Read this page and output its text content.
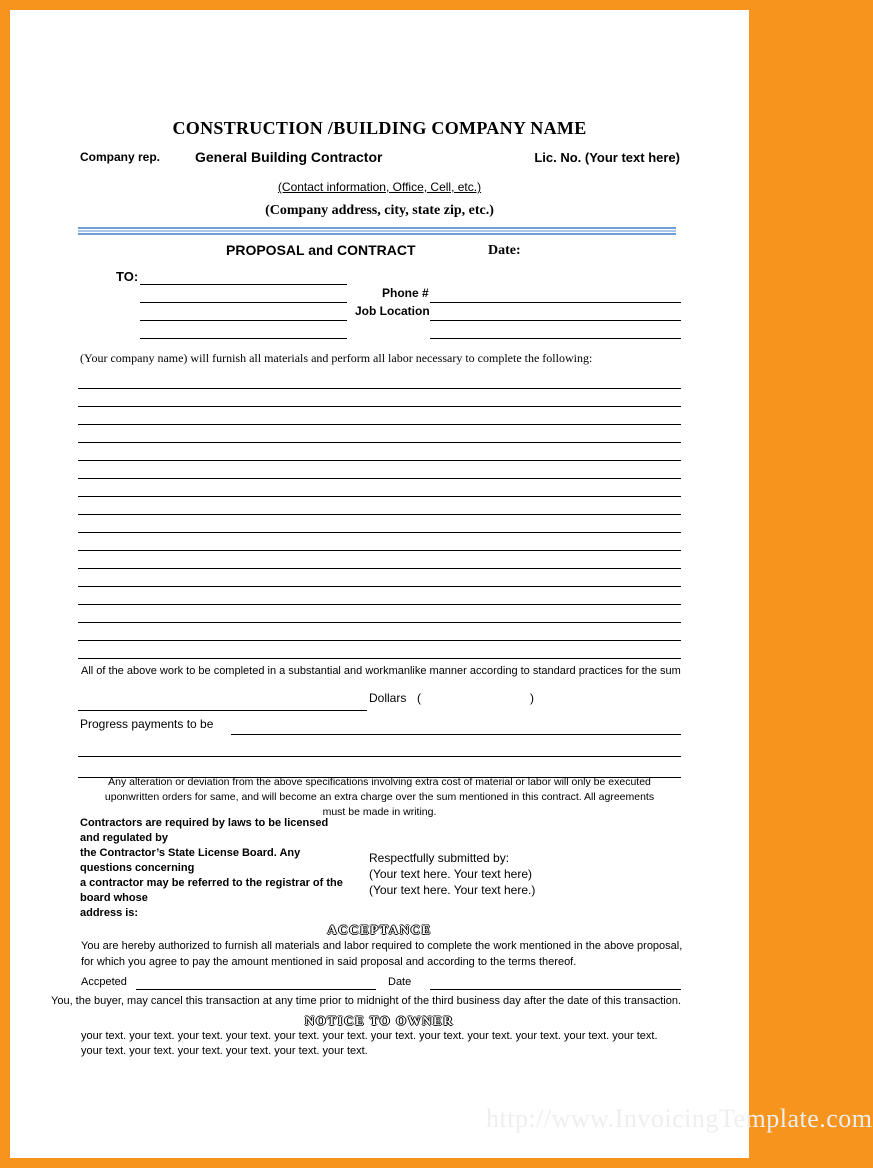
CONSTRUCTION /BUILDING COMPANY NAME
Company rep. General Building Contractor	Lic. No. (Your text here)
(Contact information, Office, Cell, etc.)
(Company address, city, state zip, etc.)
PROPOSAL and CONTRACT	Date:
TO:
Phone #
Job Location
(Your company name) will furnish all materials and perform all labor necessary to complete the following:
All of the above work to be completed in a substantial and workmanlike manner according to standard practices for the sum
Dollars (	)
Progress payments to be
Any alteration or deviation from the above specifications involving extra cost of material or labor will only be executed
uponwritten orders for same, and will become an extra charge over the sum mentioned in this contract. All agreements
must be made in writing.
Contractors are required by laws to be licensed
and regulated by
the Contractor’s State License Board. Any
questions concerning
a contractor may be referred to the registrar of the
board whose
address is:
Respectfully submitted by:
(Your text here. Your text here)
(Your text here. Your text here.)
ACCEPTANCE
You are hereby authorized to furnish all materials and labor required to complete the work mentioned in the above proposal,
for which you agree to pay the amount mentioned in said proposal and according to the terms thereof.
Accpeted	Date
You, the buyer, may cancel this transaction at any time prior to midnight of the third business day after the date of this transaction.
NOTICE TO OWNER
your text. your text. your text. your text. your text. your text. your text. your text. your text. your text. your text. your text.
your text. your text. your text. your text. your text. your text.
http://www.InvoicingTemplate.com
